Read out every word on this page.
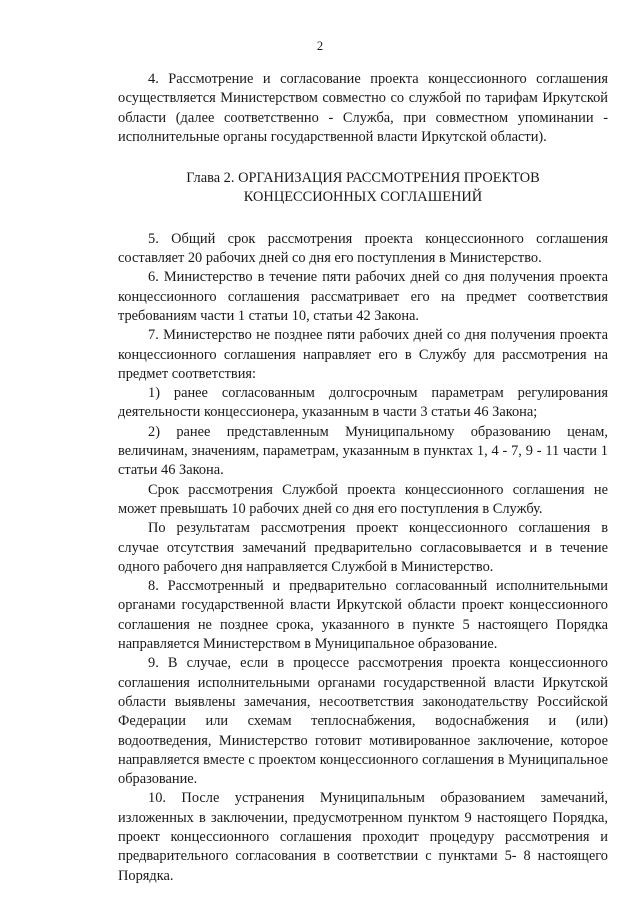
2

4. Рассмотрение и согласование проекта концессионного соглашения осуществляется Министерством совместно со службой по тарифам Иркутской области (далее соответственно - Служба, при совместном упоминании - исполнительные органы государственной власти Иркутской области).

Глава 2. ОРГАНИЗАЦИЯ РАССМОТРЕНИЯ ПРОЕКТОВ
КОНЦЕССИОННЫХ СОГЛАШЕНИЙ

5. Общий срок рассмотрения проекта концессионного соглашения составляет 20 рабочих дней со дня его поступления в Министерство.

6. Министерство в течение пяти рабочих дней со дня получения проекта концессионного соглашения рассматривает его на предмет соответствия требованиям части 1 статьи 10, статьи 42 Закона.

7. Министерство не позднее пяти рабочих дней со дня получения проекта концессионного соглашения направляет его в Службу для рассмотрения на предмет соответствия:

1) ранее согласованным долгосрочным параметрам регулирования деятельности концессионера, указанным в части 3 статьи 46 Закона;

2) ранее представленным Муниципальному образованию ценам, величинам, значениям, параметрам, указанным в пунктах 1, 4 - 7, 9 - 11 части 1 статьи 46 Закона.

Срок рассмотрения Службой проекта концессионного соглашения не может превышать 10 рабочих дней со дня его поступления в Службу.

По результатам рассмотрения проект концессионного соглашения в случае отсутствия замечаний предварительно согласовывается и в течение одного рабочего дня направляется Службой в Министерство.

8. Рассмотренный и предварительно согласованный исполнительными органами государственной власти Иркутской области проект концессионного соглашения не позднее срока, указанного в пункте 5 настоящего Порядка направляется Министерством в Муниципальное образование.

9. В случае, если в процессе рассмотрения проекта концессионного соглашения исполнительными органами государственной власти Иркутской области выявлены замечания, несоответствия законодательству Российской Федерации или схемам теплоснабжения, водоснабжения и (или) водоотведения, Министерство готовит мотивированное заключение, которое направляется вместе с проектом концессионного соглашения в Муниципальное образование.

10. После устранения Муниципальным образованием замечаний, изложенных в заключении, предусмотренном пунктом 9 настоящего Порядка, проект концессионного соглашения проходит процедуру рассмотрения и предварительного согласования в соответствии с пунктами 5- 8 настоящего Порядка.
